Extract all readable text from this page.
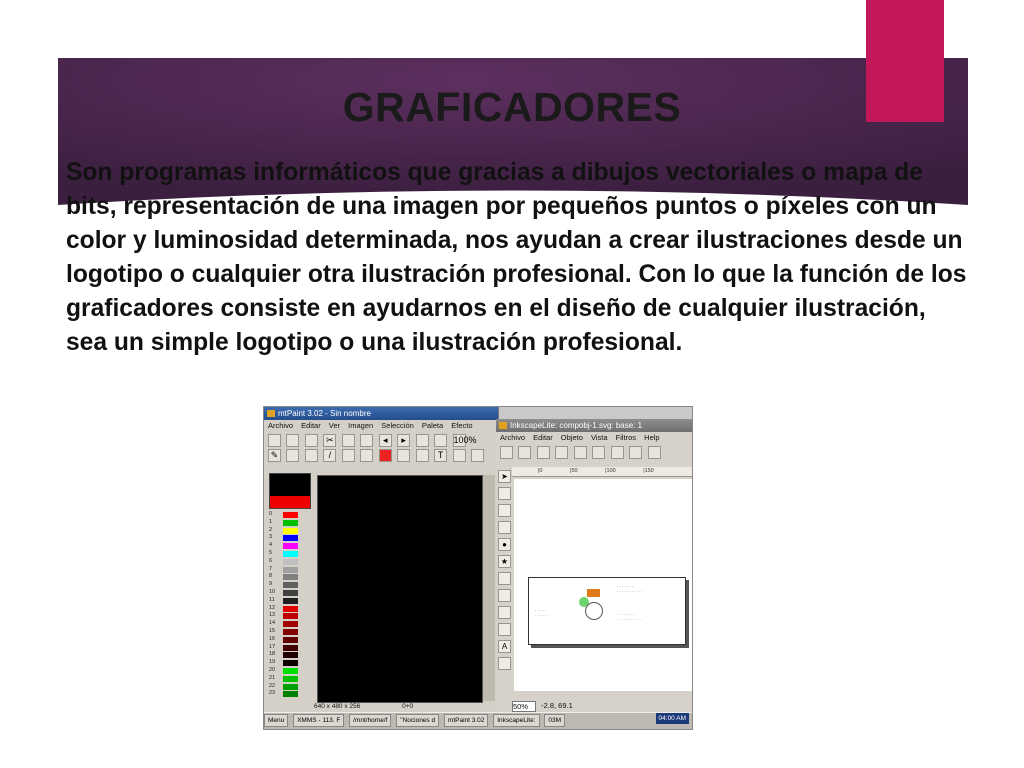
GRAFICADORES

Son programas informáticos que gracias a dibujos vectoriales o mapa de bits, representación de una imagen por pequeños puntos o píxeles con un color y luminosidad determinada, nos ayudan a crear ilustraciones desde un logotipo o cualquier otra ilustración profesional. Con lo que la función de los graficadores consiste en ayudarnos en el diseño de cualquier ilustración, sea un simple logotipo o una ilustración profesional.

mtPaint 3.02 - Sin nombre
Archivo Editar Ver Imagen Selección Paleta Efecto
✂	◂ ▸	100%
✎	/	T
0
1
2
3
4
5
6
7
8
9
10
11
12
13
14
15
16
17
18
19
20
21
22
23
640 x 480 x 256	0+0
InkscapeLite: compobj-1.svg: base: 1
Archivo Editar Objeto Vista Filtros Help

➤
●
★
A
|0	|50	|100	|150
· · · · · · · ·
· · · · · · · · · · ·
· · · · ·
· · · · · ·	· · · · · · ·
· · · · · · · · · ·
50% -2.8, 69.1
Menu XMMS - 113. F /mnt/home/f "Nociones d mtPaint 3.02 InkscapeLite: 03M	04:00 AM
